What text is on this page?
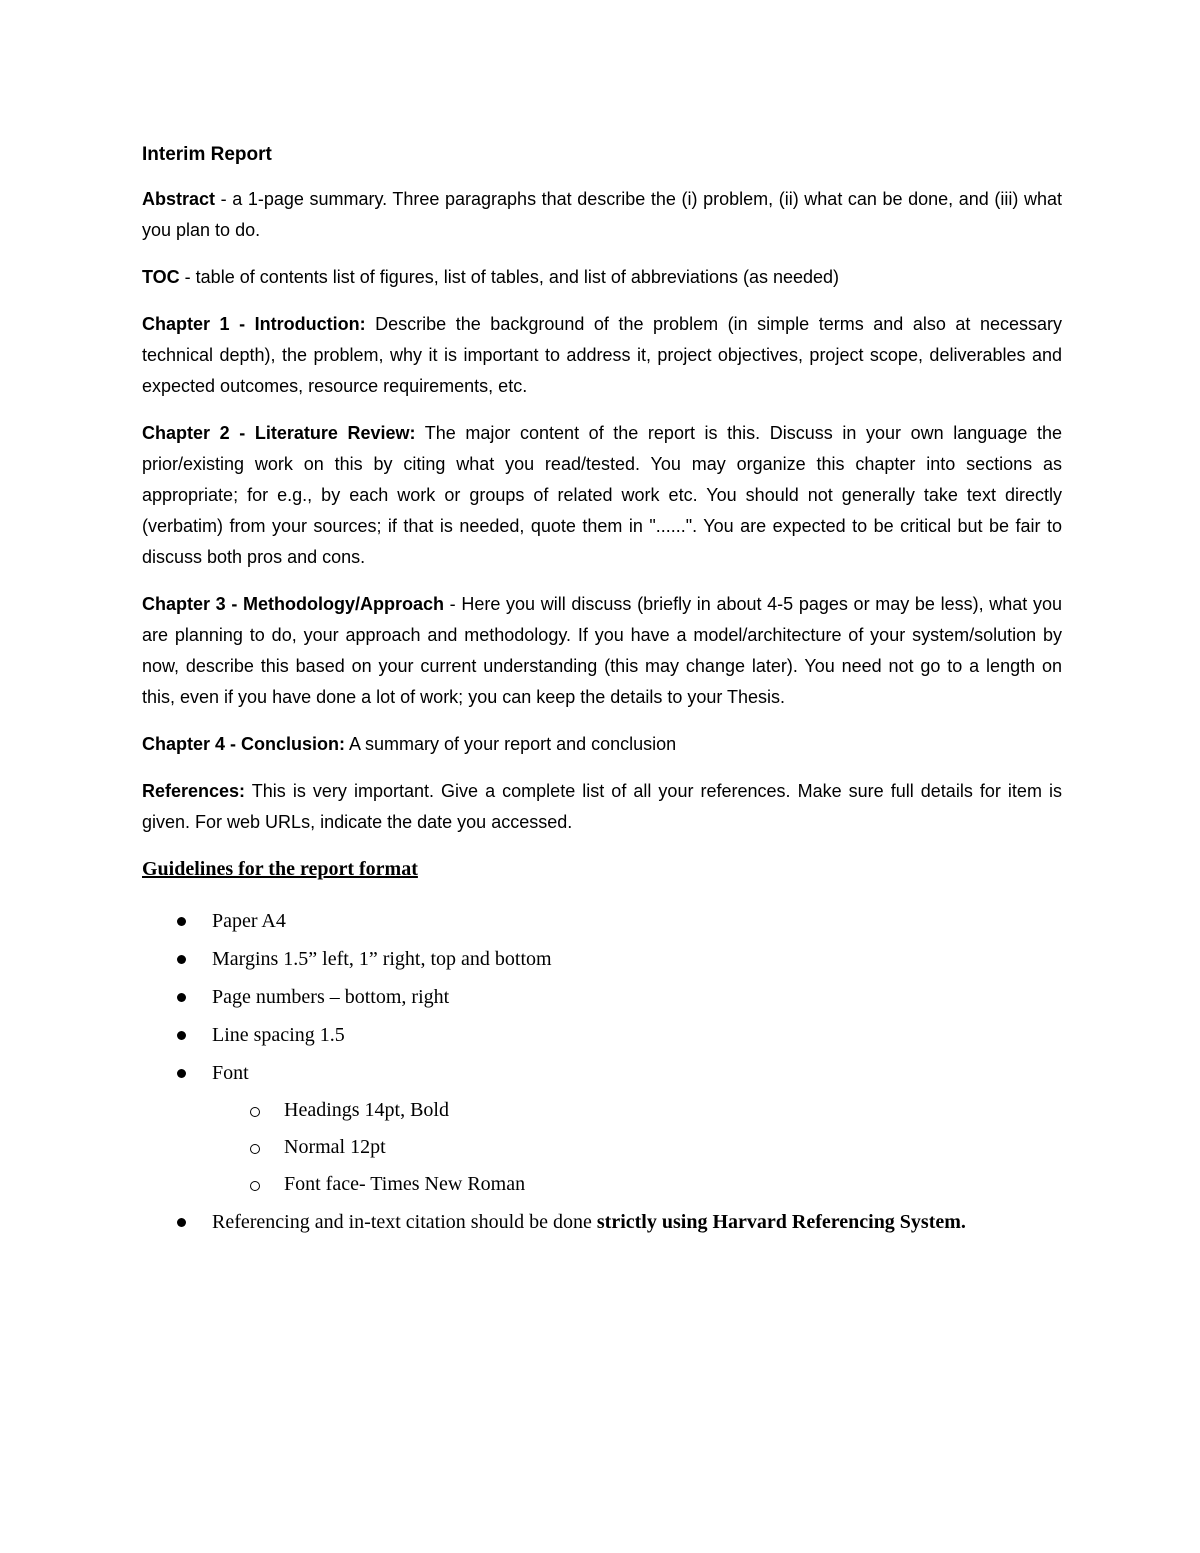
Interim Report

Abstract - a 1-page summary. Three paragraphs that describe the (i) problem, (ii) what can be done, and (iii) what you plan to do.

TOC - table of contents list of figures, list of tables, and list of abbreviations (as needed)

Chapter 1 - Introduction: Describe the background of the problem (in simple terms and also at necessary technical depth), the problem, why it is important to address it, project objectives, project scope, deliverables and expected outcomes, resource requirements, etc.

Chapter 2 - Literature Review: The major content of the report is this. Discuss in your own language the prior/existing work on this by citing what you read/tested. You may organize this chapter into sections as appropriate; for e.g., by each work or groups of related work etc. You should not generally take text directly (verbatim) from your sources; if that is needed, quote them in "......". You are expected to be critical but be fair to discuss both pros and cons.

Chapter 3 - Methodology/Approach - Here you will discuss (briefly in about 4-5 pages or may be less), what you are planning to do, your approach and methodology. If you have a model/architecture of your system/solution by now, describe this based on your current understanding (this may change later). You need not go to a length on this, even if you have done a lot of work; you can keep the details to your Thesis.

Chapter 4 - Conclusion: A summary of your report and conclusion

References: This is very important. Give a complete list of all your references. Make sure full details for item is given. For web URLs, indicate the date you accessed.

Guidelines for the report format
Paper A4
Margins 1.5” left, 1” right, top and bottom
Page numbers – bottom, right
Line spacing 1.5
Font
Headings 14pt, Bold
Normal 12pt
Font face- Times New Roman
Referencing and in-text citation should be done strictly using Harvard Referencing System.
